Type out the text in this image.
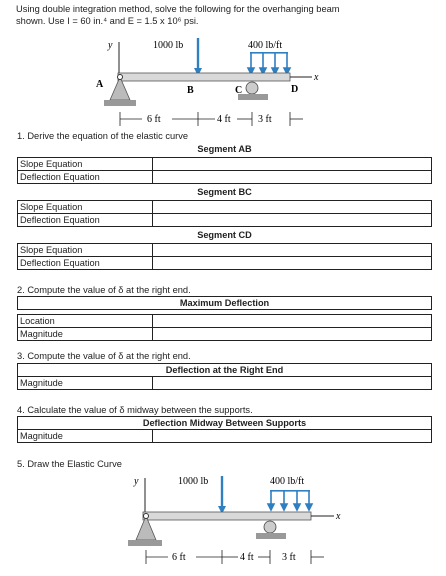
Using double integration method, solve the following for the overhanging beam
shown. Use I = 60 in.⁴ and E = 1.5 x 10⁶ psi.
y	1000 lb	400 lb/ft
x
A
B	C	D
6 ft	4 ft	3 ft
1. Derive the equation of the elastic curve
Segment AB
Slope Equation	
Deflection Equation	
Segment BC
Slope Equation	
Deflection Equation	
Segment CD
Slope Equation	
Deflection Equation	
2. Compute the value of δ at the right end.
Maximum Deflection	

Location	
Magnitude	
3. Compute the value of δ at the right end.
Deflection at the Right End
Magnitude	
4. Calculate the value of δ midway between the supports.
Deflection Midway Between Supports
Magnitude	
5. Draw the Elastic Curve
y	1000 lb	400 lb/ft
x
6 ft	4 ft	3 ft
